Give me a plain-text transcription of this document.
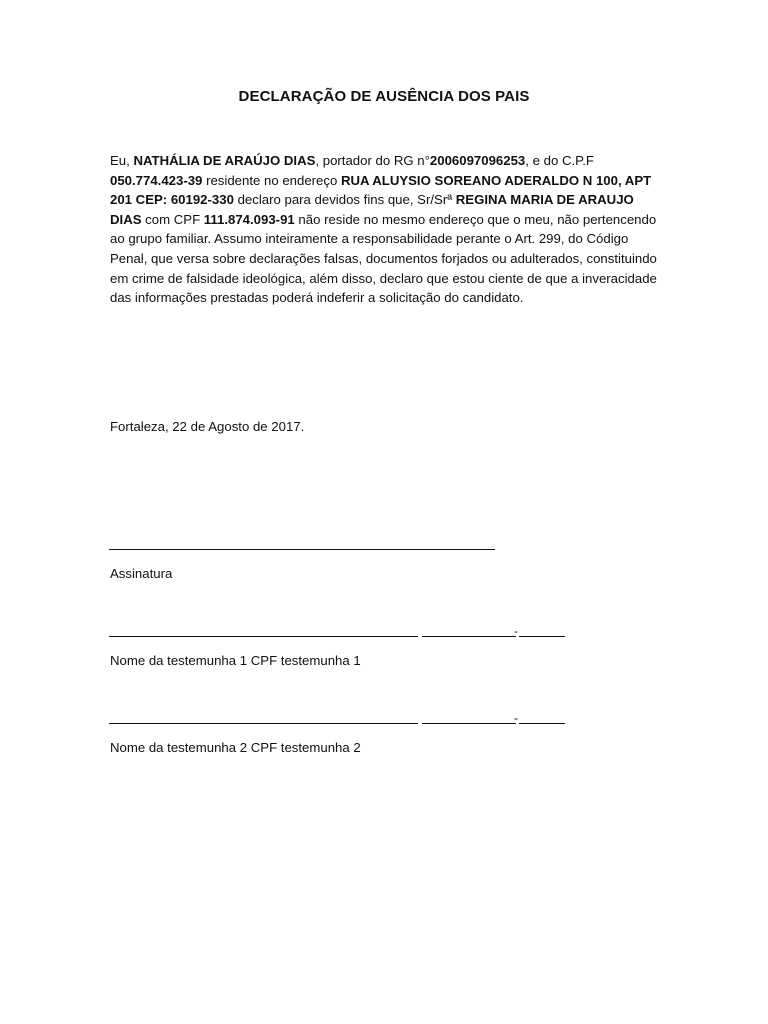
DECLARAÇÃO DE AUSÊNCIA DOS PAIS

Eu, NATHÁLIA DE ARAÚJO DIAS, portador do RG n°2006097096253, e do C.P.F 050.774.423-39 residente no endereço RUA ALUYSIO SOREANO ADERALDO N 100, APT 201 CEP: 60192-330 declaro para devidos fins que, Sr/Srª REGINA MARIA DE ARAUJO DIAS com CPF 111.874.093-91 não reside no mesmo endereço que o meu, não pertencendo ao grupo familiar. Assumo inteiramente a responsabilidade perante o Art. 299, do Código Penal, que versa sobre declarações falsas, documentos forjados ou adulterados, constituindo em crime de falsidade ideológica, além disso, declaro que estou ciente de que a inveracidade das informações prestadas poderá indeferir a solicitação do candidato.

Fortaleza, 22 de Agosto de 2017.
Assinatura
-
Nome da testemunha 1 CPF testemunha 1
-
Nome da testemunha 2 CPF testemunha 2
